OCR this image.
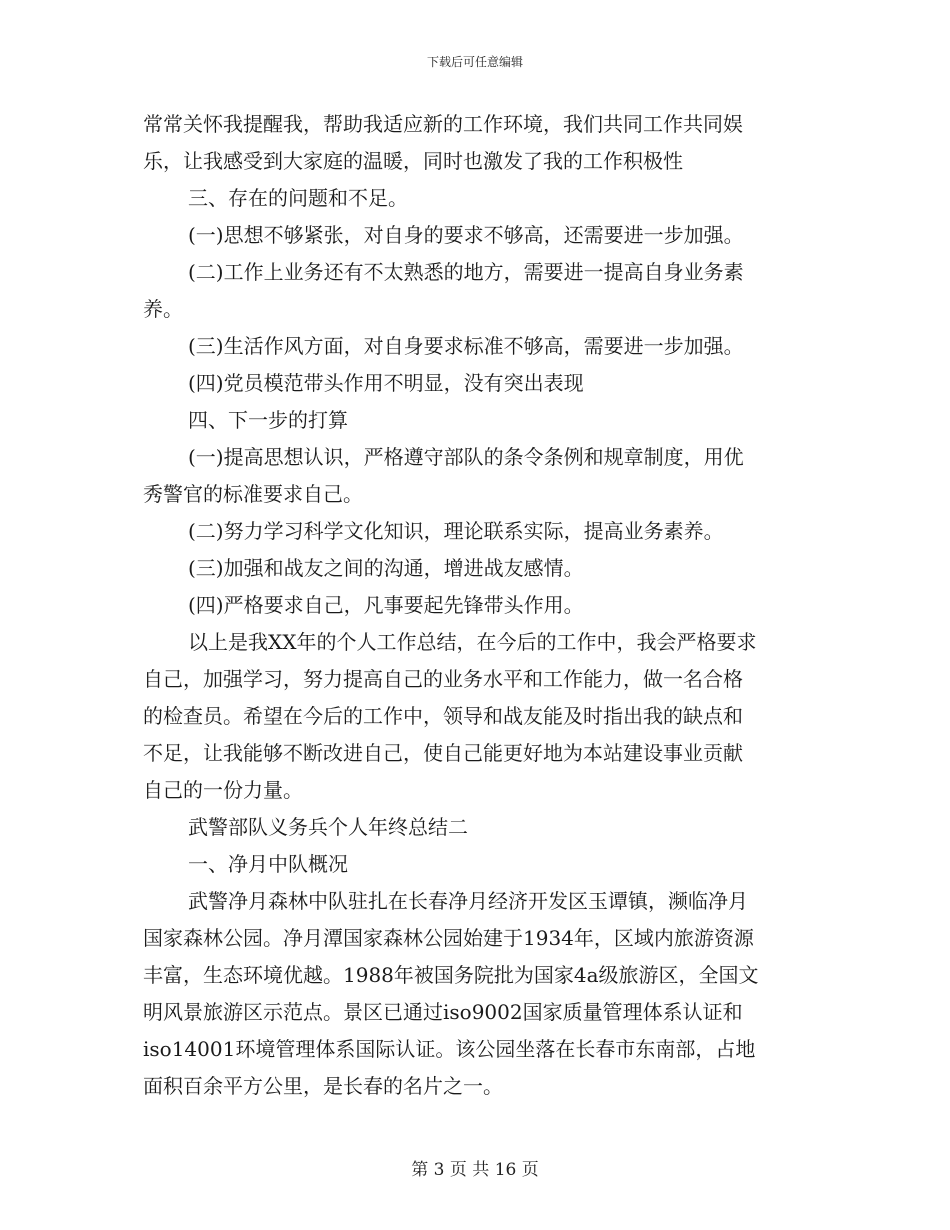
下载后可任意编辑
常常关怀我提醒我，帮助我适应新的工作环境，我们共同工作共同娱
乐，让我感受到大家庭的温暖，同时也激发了我的工作积极性
三、存在的问题和不足。
(一)思想不够紧张，对自身的要求不够高，还需要进一步加强。
(二)工作上业务还有不太熟悉的地方，需要进一提高自身业务素
养。
(三)生活作风方面，对自身要求标准不够高，需要进一步加强。
(四)党员模范带头作用不明显，没有突出表现
四、下一步的打算
(一)提高思想认识，严格遵守部队的条令条例和规章制度，用优
秀警官的标准要求自己。
(二)努力学习科学文化知识，理论联系实际，提高业务素养。
(三)加强和战友之间的沟通，增进战友感情。
(四)严格要求自己，凡事要起先锋带头作用。
以上是我XX年的个人工作总结，在今后的工作中，我会严格要求
自己，加强学习，努力提高自己的业务水平和工作能力，做一名合格
的检查员。希望在今后的工作中，领导和战友能及时指出我的缺点和
不足，让我能够不断改进自己，使自己能更好地为本站建设事业贡献
自己的一份力量。
武警部队义务兵个人年终总结二
一、净月中队概况
武警净月森林中队驻扎在长春净月经济开发区玉谭镇，濒临净月
国家森林公园。净月潭国家森林公园始建于1934年，区域内旅游资源
丰富，生态环境优越。1988年被国务院批为国家4a级旅游区，全国文
明风景旅游区示范点。景区已通过iso9002国家质量管理体系认证和
iso14001环境管理体系国际认证。该公园坐落在长春市东南部，占地
面积百余平方公里，是长春的名片之一。
第 3 页 共 16 页
